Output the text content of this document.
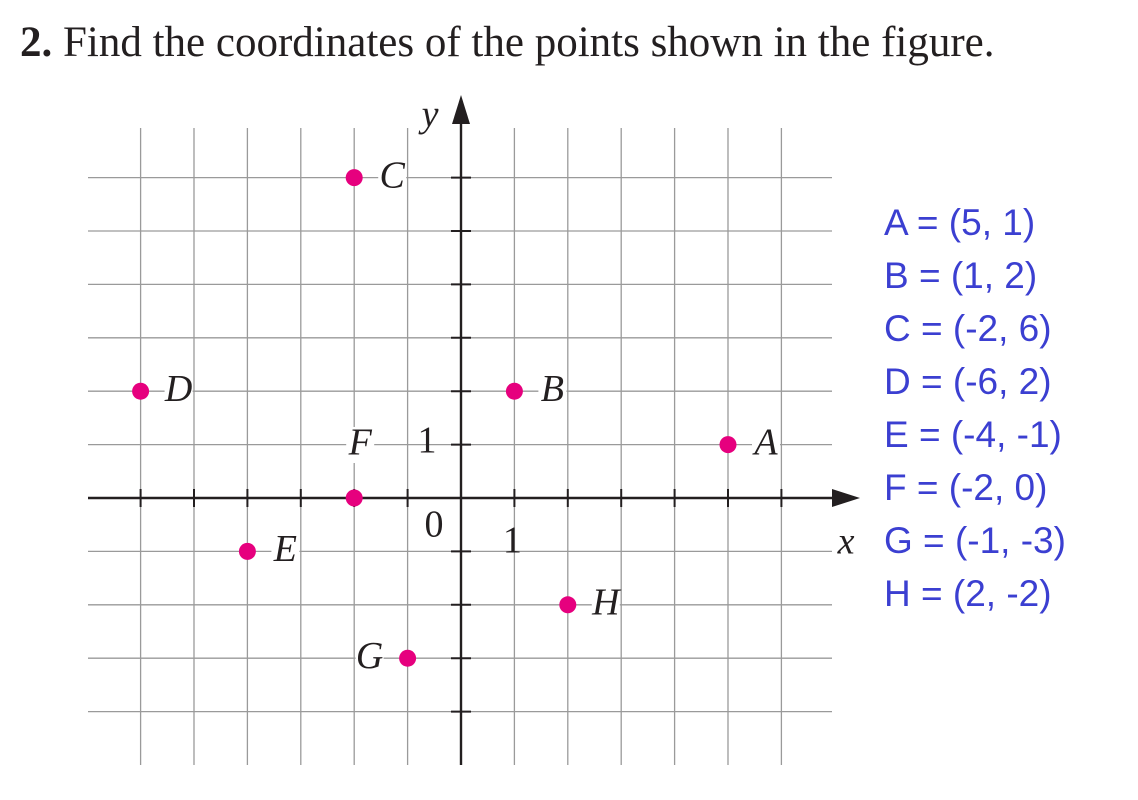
2. Find the coordinates of the points shown in the figure.
x
y
0 1
1	A
B
C
D
E
F
G
H
A = (5, 1)
B = (1, 2)
C = (-2, 6)
D = (-6, 2)
E = (-4, -1)
F = (-2, 0)
G = (-1, -3)
H = (2, -2)
